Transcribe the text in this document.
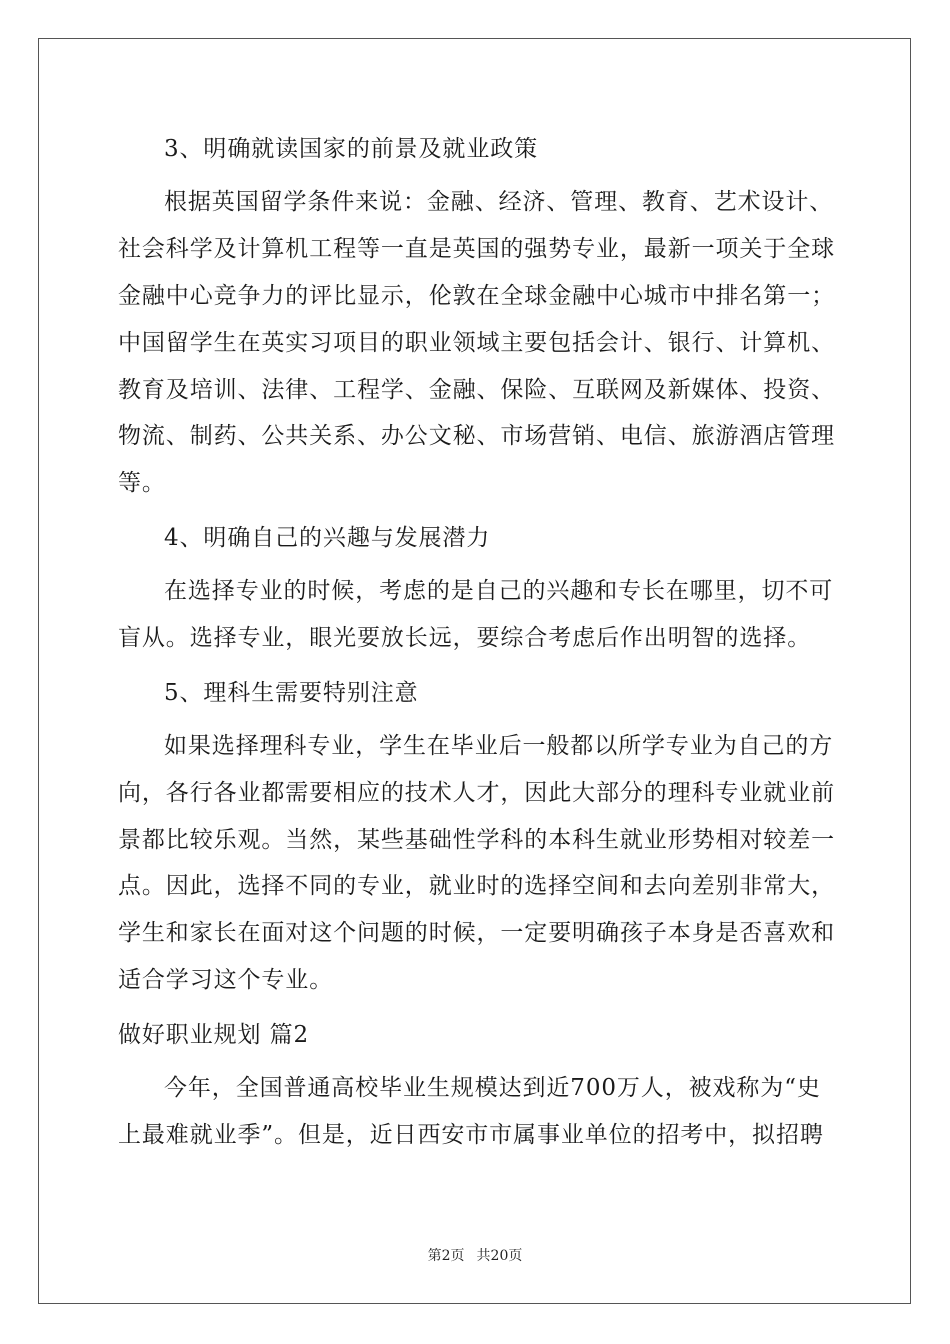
3、明确就读国家的前景及就业政策
根据英国留学条件来说：金融、经济、管理、教育、艺术设计、
社会科学及计算机工程等一直是英国的强势专业，最新一项关于全球
金融中心竞争力的评比显示，伦敦在全球金融中心城市中排名第一；
中国留学生在英实习项目的职业领域主要包括会计、银行、计算机、
教育及培训、法律、工程学、金融、保险、互联网及新媒体、投资、
物流、制药、公共关系、办公文秘、市场营销、电信、旅游酒店管理
等。
4、明确自己的兴趣与发展潜力
在选择专业的时候，考虑的是自己的兴趣和专长在哪里，切不可
盲从。选择专业，眼光要放长远，要综合考虑后作出明智的选择。
5、理科生需要特别注意
如果选择理科专业，学生在毕业后一般都以所学专业为自己的方
向，各行各业都需要相应的技术人才，因此大部分的理科专业就业前
景都比较乐观。当然，某些基础性学科的本科生就业形势相对较差一
点。因此，选择不同的专业，就业时的选择空间和去向差别非常大，
学生和家长在面对这个问题的时候，一定要明确孩子本身是否喜欢和
适合学习这个专业。
做好职业规划 篇2
今年，全国普通高校毕业生规模达到近700万人，被戏称为“史
上最难就业季”。但是，近日西安市市属事业单位的招考中，拟招聘
第2页 共20页
